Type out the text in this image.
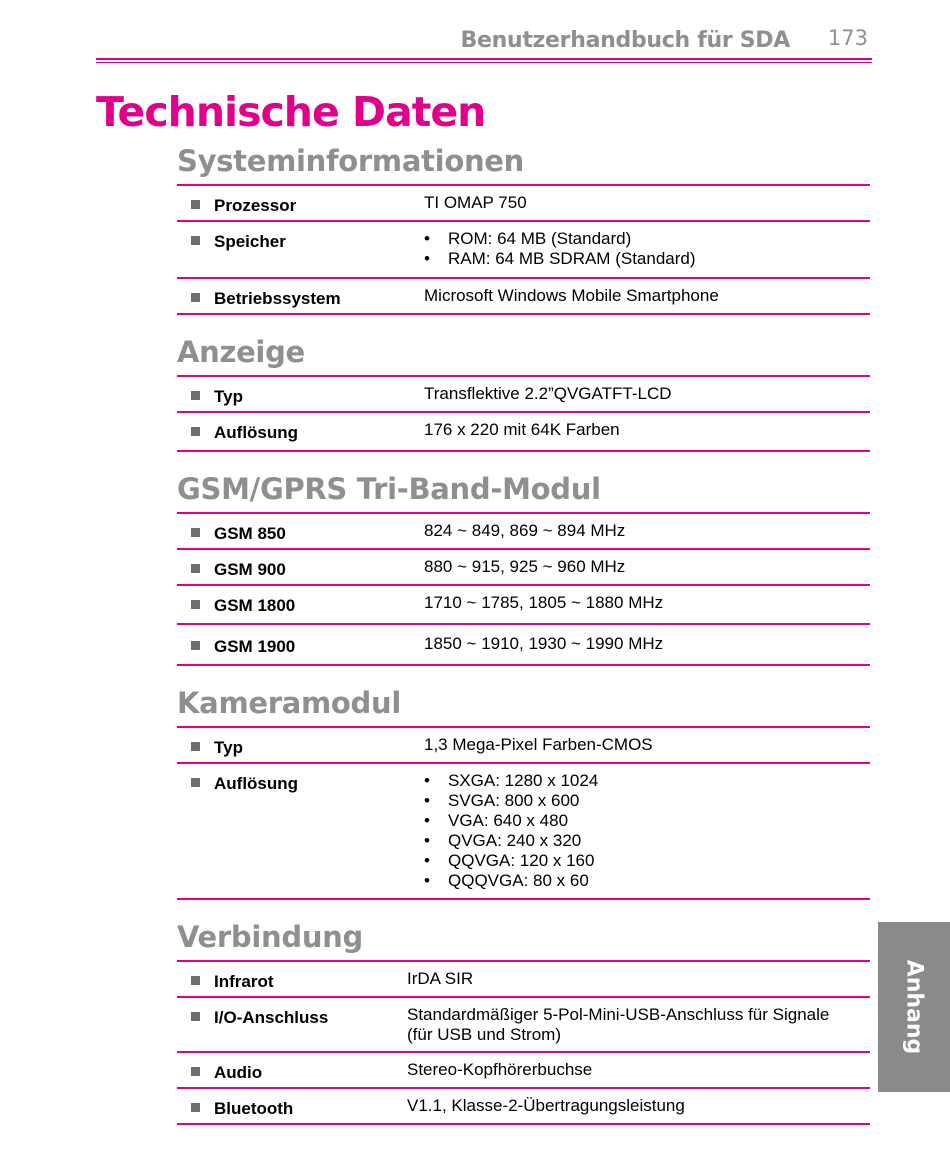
Benutzerhandbuch für SDA 173
Technische Daten
Systeminformationen
Prozessor	TI OMAP 750
Speicher	• ROM: 64 MB (Standard)
• RAM: 64 MB SDRAM (Standard)
Betriebssystem	Microsoft Windows Mobile Smartphone
Anzeige
Typ	Transflektive 2.2”QVGATFT-LCD
Auflösung	176 x 220 mit 64K Farben
GSM/GPRS Tri-Band-Modul
GSM 850	824 ~ 849, 869 ~ 894 MHz
GSM 900	880 ~ 915, 925 ~ 960 MHz
GSM 1800	1710 ~ 1785, 1805 ~ 1880 MHz
GSM 1900	1850 ~ 1910, 1930 ~ 1990 MHz
Kameramodul
Typ	1,3 Mega-Pixel Farben-CMOS
Auflösung	• SXGA: 1280 x 1024
• SVGA: 800 x 600
• VGA: 640 x 480
• QVGA: 240 x 320
• QQVGA: 120 x 160
• QQQVGA: 80 x 60
Verbindung
Infrarot	IrDA SIR
I/O-Anschluss	Standardmäßiger 5-Pol-Mini-USB-Anschluss für Signale (für USB und Strom)
Audio	Stereo-Kopfhörerbuchse
Bluetooth	V1.1, Klasse-2-Übertragungsleistung
Anhang
